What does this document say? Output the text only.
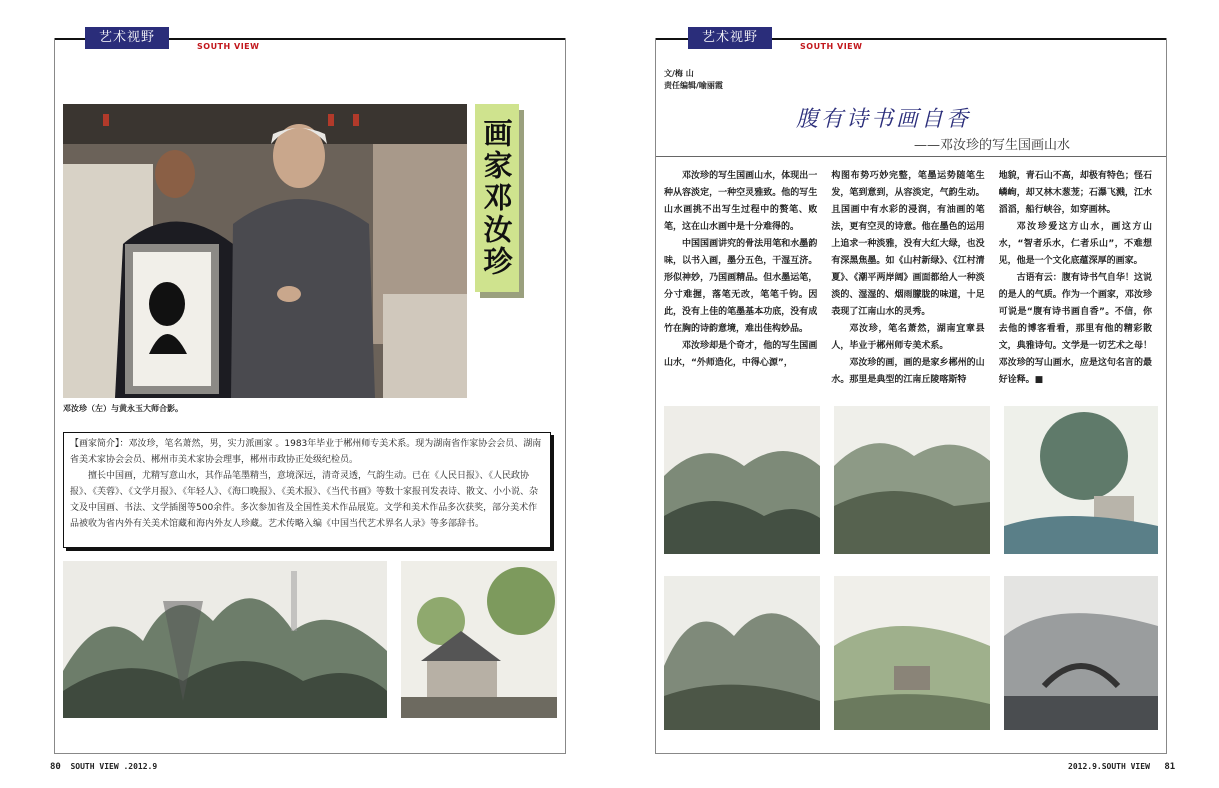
艺术视野
SOUTH VIEW
画家邓汝珍
邓汝珍（左）与黄永玉大师合影。

【画家简介】：邓汝珍，笔名萧然，男，实力派画家 。1983年毕业于郴州师专美术系。现为湖南省作家协会会员、湖南省美术家协会会员、郴州市美术家协会理事，郴州市政协正处级纪检员。

擅长中国画，尤精写意山水，其作品笔墨精当，意境深远，清奇灵透，气韵生动。已在《人民日报》、《人民政协报》、《芙蓉》、《文学月报》、《年轻人》、《海口晚报》、《美术报》、《当代书画》等数十家报刊发表诗、散文、小小说、杂文及中国画、书法、文学插图等500余件。多次参加省及全国性美术作品展览。文学和美术作品多次获奖，部分美术作品被收为省内外有关美术馆藏和海内外友人珍藏。艺术传略入编《中国当代艺术界名人录》等多部辞书。

艺术视野
SOUTH VIEW
文/梅 山
责任编辑/喻丽霞
腹有诗书画自香
——邓汝珍的写生国画山水

邓汝珍的写生国画山水，体现出一种从容淡定，一种空灵雅致。他的写生山水画挑不出写生过程中的赘笔、败笔，这在山水画中是十分难得的。

中国国画讲究的骨法用笔和水墨韵味，以书入画，墨分五色，干湿互济。形似神妙，乃国画精品。但水墨运笔，分寸难握，落笔无改，笔笔千钧。因此，没有上佳的笔墨基本功底，没有成竹在胸的诗韵意境，难出佳构妙品。

邓汝珍却是个奇才，他的写生国画山水，“外师造化，中得心源”，

构图布势巧妙完整，笔墨运势随笔生发，笔到意到，从容淡定，气韵生动。且国画中有水彩的浸润，有油画的笔法，更有空灵的诗意。他在墨色的运用上追求一种淡雅，没有大红大绿，也没有深黑焦墨。如《山村新绿》、《江村清夏》、《潮平两岸阔》画面都给人一种淡淡的、湿湿的、烟雨朦胧的味道，十足表现了江南山水的灵秀。

邓汝珍，笔名萧然，湖南宜章县人，毕业于郴州师专美术系。

邓汝珍的画，画的是家乡郴州的山水。那里是典型的江南丘陵喀斯特

地貌，青石山不高，却极有特色；怪石嶙峋，却又林木葱茏；石瀑飞溅，江水滔滔，船行峡谷，如穿画林。

邓汝珍爱这方山水，画这方山水，“智者乐水，仁者乐山”，不难想见，他是一个文化底蕴深厚的画家。

古语有云：腹有诗书气自华！这说的是人的气质。作为一个画家，邓汝珍可说是“腹有诗书画自香”。不信，你去他的博客看看，那里有他的精彩散文，典雅诗句。文学是一切艺术之母！邓汝珍的写山画水，应是这句名言的最好诠释。■

80 SOUTH VIEW .2012.9	2012.9.SOUTH VIEW 81
